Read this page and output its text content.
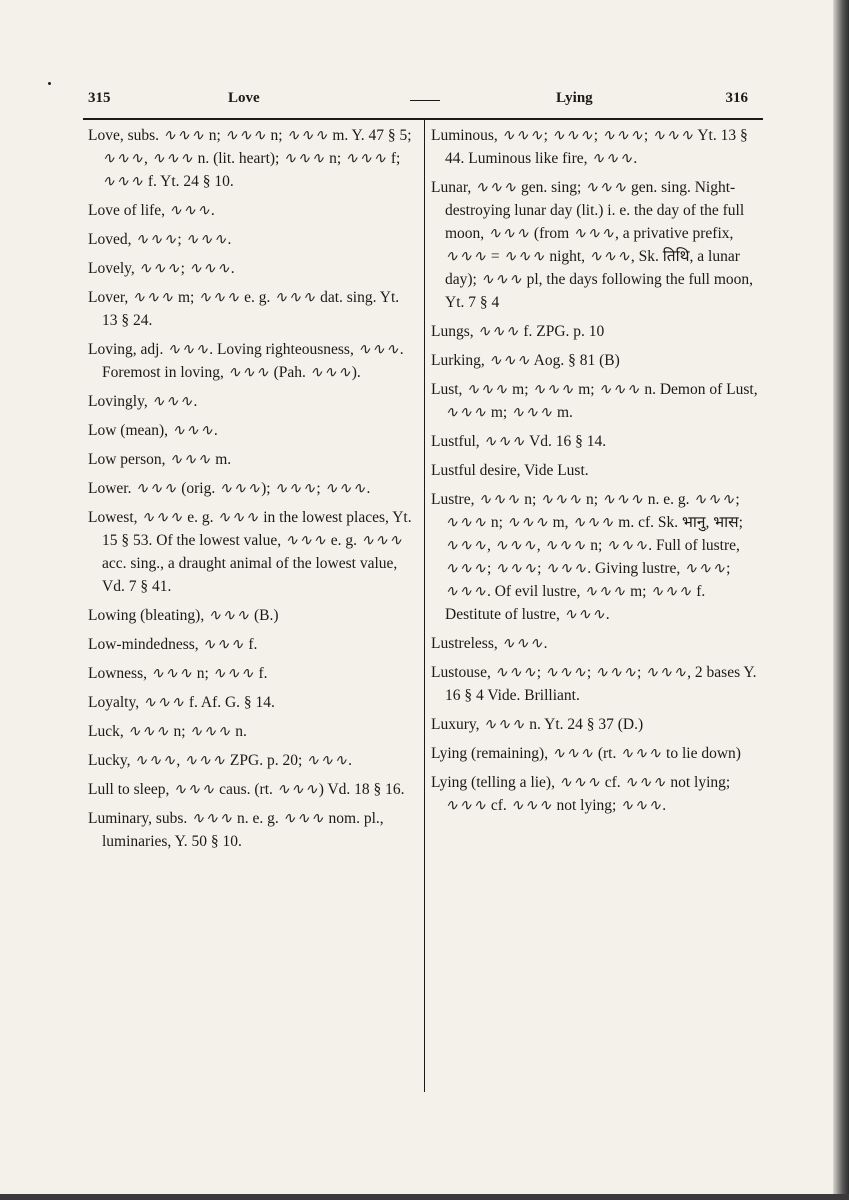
315	Love	Lying	316
Love, subs. ∿∿∿ n; ∿∿∿ n; ∿∿∿ m. Y. 47 § 5; ∿∿∿, ∿∿∿ n. (lit. heart); ∿∿∿ n; ∿∿∿ f; ∿∿∿ f. Yt. 24 § 10.
Love of life, ∿∿∿.
Loved, ∿∿∿; ∿∿∿.
Lovely, ∿∿∿; ∿∿∿.
Lover, ∿∿∿ m; ∿∿∿ e. g. ∿∿∿ dat. sing. Yt. 13 § 24.
Loving, adj. ∿∿∿. Loving righteousness, ∿∿∿. Foremost in loving, ∿∿∿ (Pah. ∿∿∿).
Lovingly, ∿∿∿.
Low (mean), ∿∿∿.
Low person, ∿∿∿ m.
Lower. ∿∿∿ (orig. ∿∿∿); ∿∿∿; ∿∿∿.
Lowest, ∿∿∿ e. g. ∿∿∿ in the lowest places, Yt. 15 § 53. Of the lowest value, ∿∿∿ e. g. ∿∿∿ acc. sing., a draught animal of the lowest value, Vd. 7 § 41.
Lowing (bleating), ∿∿∿ (B.)
Low-mindedness, ∿∿∿ f.
Lowness, ∿∿∿ n; ∿∿∿ f.
Loyalty, ∿∿∿ f. Af. G. § 14.
Luck, ∿∿∿ n; ∿∿∿ n.
Lucky, ∿∿∿, ∿∿∿ ZPG. p. 20; ∿∿∿.
Lull to sleep, ∿∿∿ caus. (rt. ∿∿∿) Vd. 18 § 16.
Luminary, subs. ∿∿∿ n. e. g. ∿∿∿ nom. pl., luminaries, Y. 50 § 10.
Luminous, ∿∿∿; ∿∿∿; ∿∿∿; ∿∿∿ Yt. 13 § 44. Luminous like fire, ∿∿∿.
Lunar, ∿∿∿ gen. sing; ∿∿∿ gen. sing. Night-destroying lunar day (lit.) i. e. the day of the full moon, ∿∿∿ (from ∿∿∿, a privative prefix, ∿∿∿ = ∿∿∿ night, ∿∿∿, Sk. तिथि, a lunar day); ∿∿∿ pl, the days following the full moon, Yt. 7 § 4
Lungs, ∿∿∿ f. ZPG. p. 10
Lurking, ∿∿∿ Aog. § 81 (B)
Lust, ∿∿∿ m; ∿∿∿ m; ∿∿∿ n. Demon of Lust, ∿∿∿ m; ∿∿∿ m.
Lustful, ∿∿∿ Vd. 16 § 14.
Lustful desire, Vide Lust.
Lustre, ∿∿∿ n; ∿∿∿ n; ∿∿∿ n. e. g. ∿∿∿; ∿∿∿ n; ∿∿∿ m, ∿∿∿ m. cf. Sk. भानु, भास; ∿∿∿, ∿∿∿, ∿∿∿ n; ∿∿∿. Full of lustre, ∿∿∿; ∿∿∿; ∿∿∿. Giving lustre, ∿∿∿; ∿∿∿. Of evil lustre, ∿∿∿ m; ∿∿∿ f. Destitute of lustre, ∿∿∿.
Lustreless, ∿∿∿.
Lustouse, ∿∿∿; ∿∿∿; ∿∿∿; ∿∿∿, 2 bases Y. 16 § 4 Vide. Brilliant.
Luxury, ∿∿∿ n. Yt. 24 § 37 (D.)
Lying (remaining), ∿∿∿ (rt. ∿∿∿ to lie down)
Lying (telling a lie), ∿∿∿ cf. ∿∿∿ not lying; ∿∿∿ cf. ∿∿∿ not lying; ∿∿∿.
